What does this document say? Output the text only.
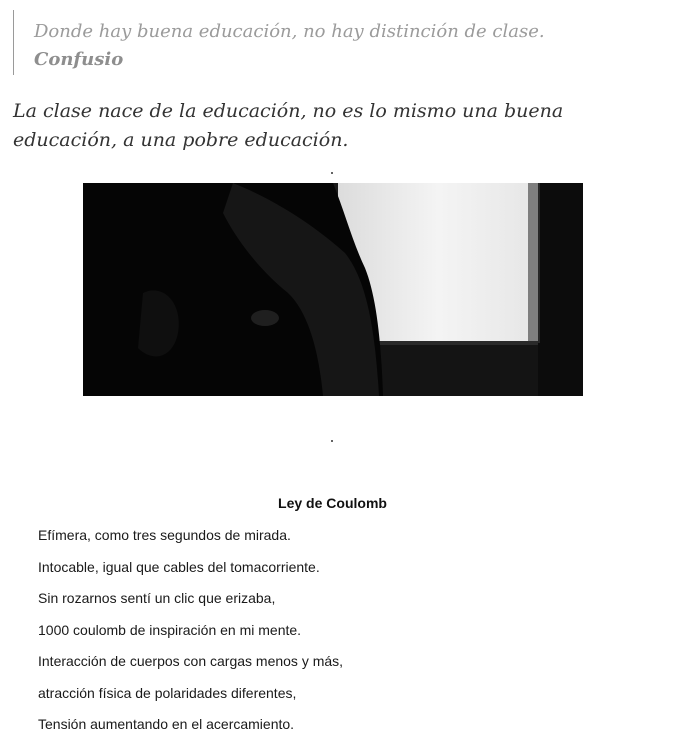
Donde hay buena educación, no hay distinción de clase.
Confusio
La clase nace de la educación, no es lo mismo una buena educación, a una pobre educación.
Ley de Coulomb
Efímera, como tres segundos de mirada.
Intocable, igual que cables del tomacorriente.
Sin rozarnos sentí un clic que erizaba,
1000 coulomb de inspiración en mi mente.
Interacción de cuerpos con cargas menos y más,
atracción física de polaridades diferentes,
Tensión aumentando en el acercamiento.
